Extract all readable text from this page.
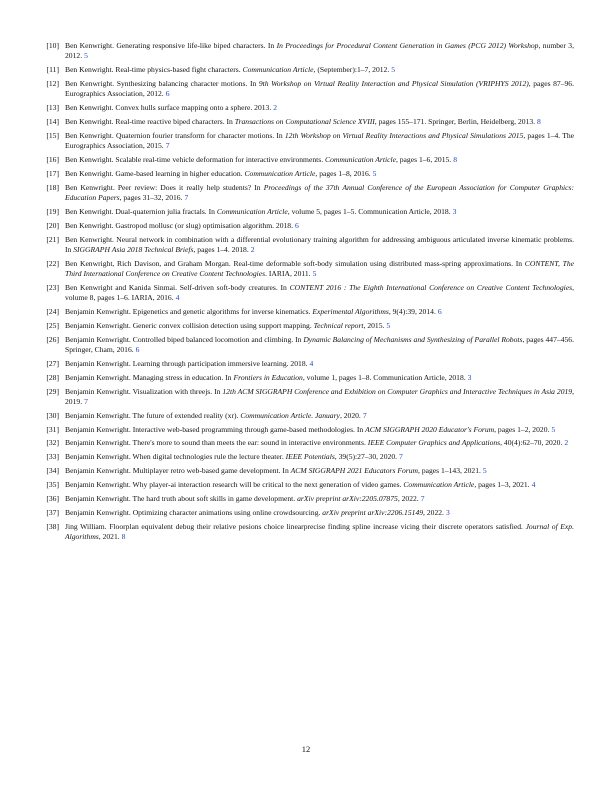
[10] Ben Kenwright. Generating responsive life-like biped characters. In In Proceedings for Procedural Content Generation in Games (PCG 2012) Workshop, number 3, 2012. 5
[11] Ben Kenwright. Real-time physics-based fight characters. Communication Article, (September):1–7, 2012. 5
[12] Ben Kenwright. Synthesizing balancing character motions. In 9th Workshop on Virtual Reality Interaction and Physical Simulation (VRIPHYS 2012), pages 87–96. Eurographics Association, 2012. 6
[13] Ben Kenwright. Convex hulls surface mapping onto a sphere. 2013. 2
[14] Ben Kenwright. Real-time reactive biped characters. In Transactions on Computational Science XVIII, pages 155–171. Springer, Berlin, Heidelberg, 2013. 8
[15] Ben Kenwright. Quaternion fourier transform for character motions. In 12th Workshop on Virtual Reality Interactions and Physical Simulations 2015, pages 1–4. The Eurographics Association, 2015. 7
[16] Ben Kenwright. Scalable real-time vehicle deformation for interactive environments. Communication Article, pages 1–6, 2015. 8
[17] Ben Kenwright. Game-based learning in higher education. Communication Article, pages 1–8, 2016. 5
[18] Ben Kenwright. Peer review: Does it really help students? In Proceedings of the 37th Annual Conference of the European Association for Computer Graphics: Education Papers, pages 31–32, 2016. 7
[19] Ben Kenwright. Dual-quaternion julia fractals. In Communication Article, volume 5, pages 1–5. Communication Article, 2018. 3
[20] Ben Kenwright. Gastropod mollusc (or slug) optimisation algorithm. 2018. 6
[21] Ben Kenwright. Neural network in combination with a differential evolutionary training algorithm for addressing ambiguous articulated inverse kinematic problems. In SIGGRAPH Asia 2018 Technical Briefs, pages 1–4. 2018. 2
[22] Ben Kenwright, Rich Davison, and Graham Morgan. Real-time deformable soft-body simulation using distributed mass-spring approximations. In CONTENT, The Third International Conference on Creative Content Technologies. IARIA, 2011. 5
[23] Ben Kenwright and Kanida Sinmai. Self-driven soft-body creatures. In CONTENT 2016 : The Eighth International Conference on Creative Content Technologies, volume 8, pages 1–6. IARIA, 2016. 4
[24] Benjamin Kenwright. Epigenetics and genetic algorithms for inverse kinematics. Experimental Algorithms, 9(4):39, 2014. 6
[25] Benjamin Kenwright. Generic convex collision detection using support mapping. Technical report, 2015. 5
[26] Benjamin Kenwright. Controlled biped balanced locomotion and climbing. In Dynamic Balancing of Mechanisms and Synthesizing of Parallel Robots, pages 447–456. Springer, Cham, 2016. 6
[27] Benjamin Kenwright. Learning through participation immersive learning. 2018. 4
[28] Benjamin Kenwright. Managing stress in education. In Frontiers in Education, volume 1, pages 1–8. Communication Article, 2018. 3
[29] Benjamin Kenwright. Visualization with threejs. In 12th ACM SIGGRAPH Conference and Exhibition on Computer Graphics and Interactive Techniques in Asia 2019, 2019. 7
[30] Benjamin Kenwright. The future of extended reality (xr). Communication Article. January, 2020. 7
[31] Benjamin Kenwright. Interactive web-based programming through game-based methodologies. In ACM SIGGRAPH 2020 Educator's Forum, pages 1–2, 2020. 5
[32] Benjamin Kenwright. There's more to sound than meets the ear: sound in interactive environments. IEEE Computer Graphics and Applications, 40(4):62–70, 2020. 2
[33] Benjamin Kenwright. When digital technologies rule the lecture theater. IEEE Potentials, 39(5):27–30, 2020. 7
[34] Benjamin Kenwright. Multiplayer retro web-based game development. In ACM SIGGRAPH 2021 Educators Forum, pages 1–143, 2021. 5
[35] Benjamin Kenwright. Why player-ai interaction research will be critical to the next generation of video games. Communication Article, pages 1–3, 2021. 4
[36] Benjamin Kenwright. The hard truth about soft skills in game development. arXiv preprint arXiv:2205.07875, 2022. 7
[37] Benjamin Kenwright. Optimizing character animations using online crowdsourcing. arXiv preprint arXiv:2206.15149, 2022. 3
[38] Jing William. Floorplan equivalent debug their relative pesions choice linearprecise finding spline increase vicing their discrete operators satisfied. Journal of Exp. Algorithms, 2021. 8
12
